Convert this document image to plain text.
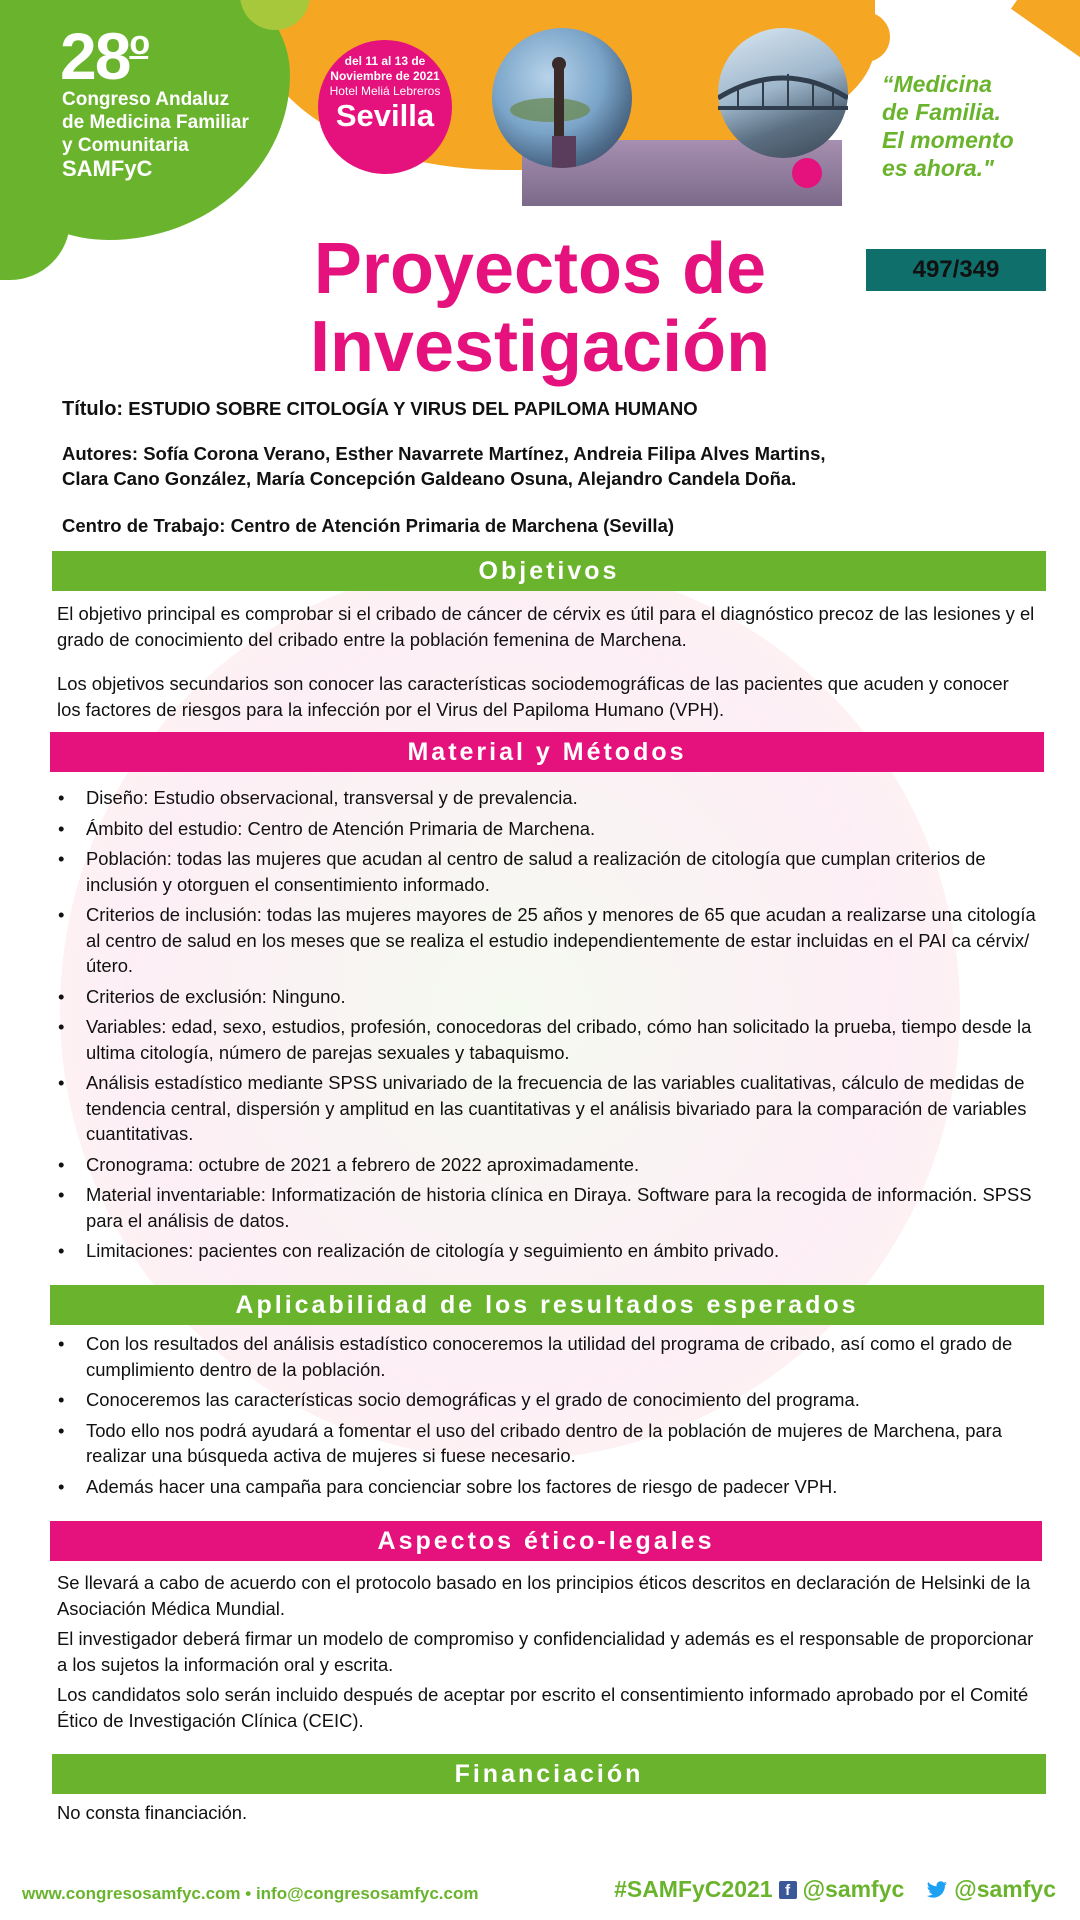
28$^o$
Congreso Andaluz
de Medicina Familiar
y Comunitaria
SAMFyC
del 11 al 13 de
Noviembre de 2021
Hotel Meliá Lebreros
Sevilla
“Medicina
de Familia.
El momento
es ahora."
Proyectos de
Investigación
497/349
Título: ESTUDIO SOBRE CITOLOGÍA Y VIRUS DEL PAPILOMA HUMANO
Autores: Sofía Corona Verano, Esther Navarrete Martínez, Andreia Filipa Alves Martins,
Clara Cano González, María Concepción Galdeano Osuna, Alejandro Candela Doña.
Centro de Trabajo: Centro de Atención Primaria de Marchena (Sevilla)
Objetivos
El objetivo principal es comprobar si el cribado de cáncer de cérvix es útil para el diagnóstico precoz de las lesiones y el grado de conocimiento del cribado entre la población femenina de Marchena.
Los objetivos secundarios son conocer las características sociodemográficas de las pacientes que acuden y conocer los factores de riesgos para la infección por el Virus del Papiloma Humano (VPH).
Material y Métodos
• Diseño: Estudio observacional, transversal y de prevalencia.
• Ámbito del estudio: Centro de Atención Primaria de Marchena.
• Población: todas las mujeres que acudan al centro de salud a realización de citología que cumplan criterios de inclusión y otorguen el consentimiento informado.
• Criterios de inclusión: todas las mujeres mayores de 25 años y menores de 65 que acudan a realizarse una citología al centro de salud en los meses que se realiza el estudio independientemente de estar incluidas en el PAI ca cérvix/útero.
• Criterios de exclusión: Ninguno.
• Variables: edad, sexo, estudios, profesión, conocedoras del cribado, cómo han solicitado la prueba, tiempo desde la ultima citología, número de parejas sexuales y tabaquismo.
• Análisis estadístico mediante SPSS univariado de la frecuencia de las variables cualitativas, cálculo de medidas de tendencia central, dispersión y amplitud en las cuantitativas y el análisis bivariado para la comparación de variables cuantitativas.
• Cronograma: octubre de 2021 a febrero de 2022 aproximadamente.
• Material inventariable: Informatización de historia clínica en Diraya. Software para la recogida de información. SPSS para el análisis de datos.
• Limitaciones: pacientes con realización de citología y seguimiento en ámbito privado.
Aplicabilidad de los resultados esperados
• Con los resultados del análisis estadístico conoceremos la utilidad del programa de cribado, así como el grado de cumplimiento dentro de la población.
• Conoceremos las características socio demográficas y el grado de conocimiento del programa.
• Todo ello nos podrá ayudará a fomentar el uso del cribado dentro de la población de mujeres de Marchena, para realizar una búsqueda activa de mujeres si fuese necesario.
• Además hacer una campaña para concienciar sobre los factores de riesgo de padecer VPH.
Aspectos ético-legales
Se llevará a cabo de acuerdo con el protocolo basado en los principios éticos descritos en declaración de Helsinki de la Asociación Médica Mundial.
El investigador deberá firmar un modelo de compromiso y confidencialidad y además es el responsable de proporcionar a los sujetos la información oral y escrita.
Los candidatos solo serán incluido después de aceptar por escrito el consentimiento informado aprobado por el Comité Ético de Investigación Clínica (CEIC).
Financiación
No consta financiación.
www.congresosamfyc.com • info@congresosamfyc.com	#SAMFyC2021 f @samfyc @samfyc
